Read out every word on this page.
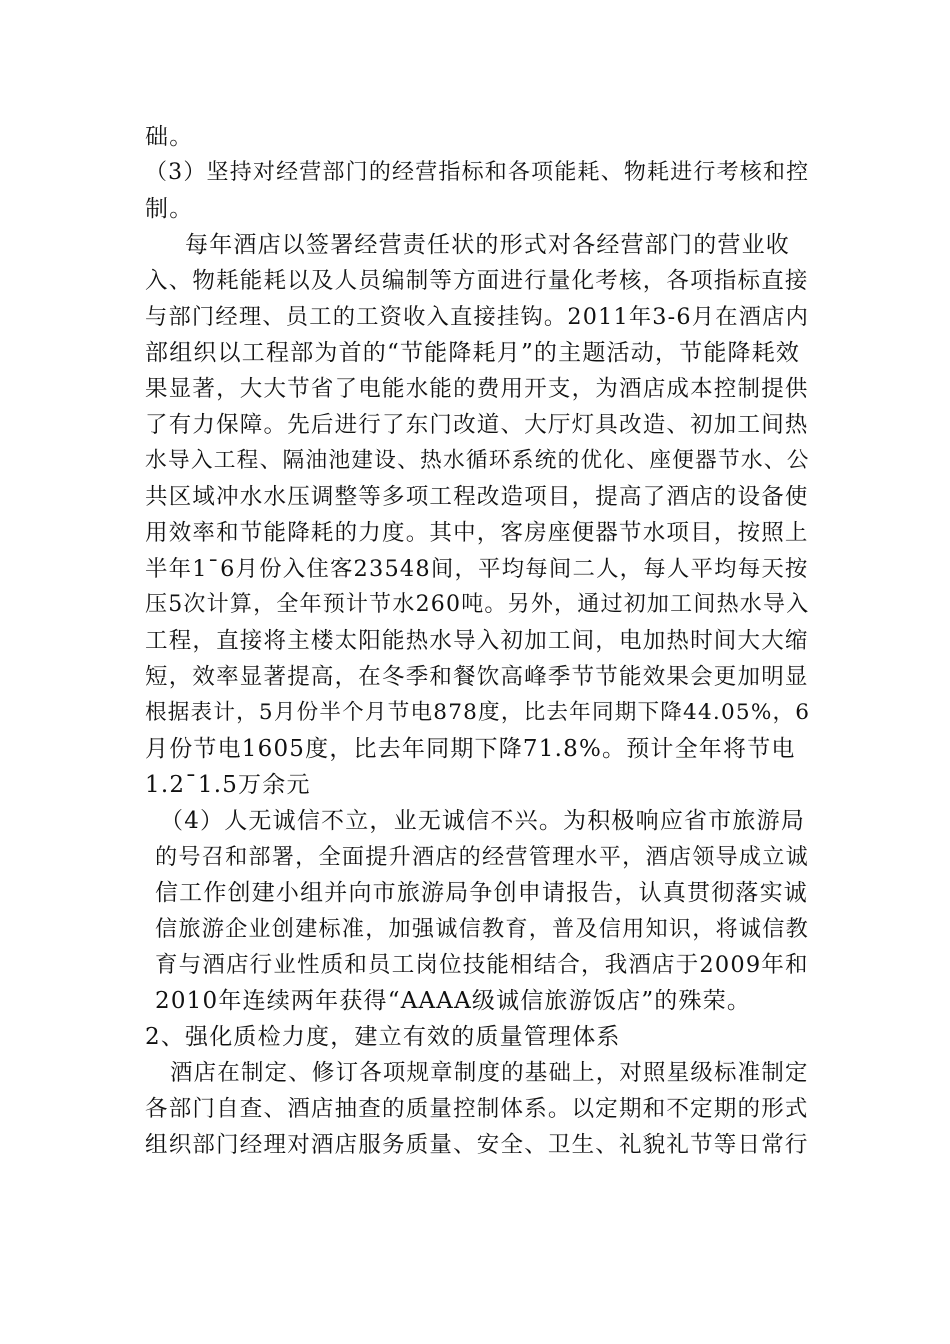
础。

（3）坚持对经营部门的经营指标和各项能耗、物耗进行考核和控

制。

每年酒店以签署经营责任状的形式对各经营部门的营业收

入、物耗能耗以及人员编制等方面进行量化考核，各项指标直接

与部门经理、员工的工资收入直接挂钩。2011年3-6月在酒店内

部组织以工程部为首的“节能降耗月”的主题活动，节能降耗效

果显著，大大节省了电能水能的费用开支，为酒店成本控制提供

了有力保障。先后进行了东门改道、大厅灯具改造、初加工间热

水导入工程、隔油池建设、热水循环系统的优化、座便器节水、公

共区域冲水水压调整等多项工程改造项目，提高了酒店的设备使

用效率和节能降耗的力度。其中，客房座便器节水项目，按照上

半年1¯6月份入住客23548间，平均每间二人，每人平均每天按

压5次计算，全年预计节水260吨。另外，通过初加工间热水导入

工程，直接将主楼太阳能热水导入初加工间，电加热时间大大缩

短，效率显著提高，在冬季和餐饮高峰季节节能效果会更加明显

根据表计，5月份半个月节电878度，比去年同期下降44.05%，6

月份节电1605度，比去年同期下降71.8%。预计全年将节电

1.2¯1.5万余元

（4）人无诚信不立，业无诚信不兴。为积极响应省市旅游局

的号召和部署，全面提升酒店的经营管理水平，酒店领导成立诚

信工作创建小组并向市旅游局争创申请报告，认真贯彻落实诚

信旅游企业创建标准，加强诚信教育，普及信用知识，将诚信教

育与酒店行业性质和员工岗位技能相结合，我酒店于2009年和

2010年连续两年获得“AAAA级诚信旅游饭店”的殊荣。

2、强化质检力度，建立有效的质量管理体系

酒店在制定、修订各项规章制度的基础上，对照星级标准制定

各部门自查、酒店抽查的质量控制体系。以定期和不定期的形式

组织部门经理对酒店服务质量、安全、卫生、礼貌礼节等日常行
